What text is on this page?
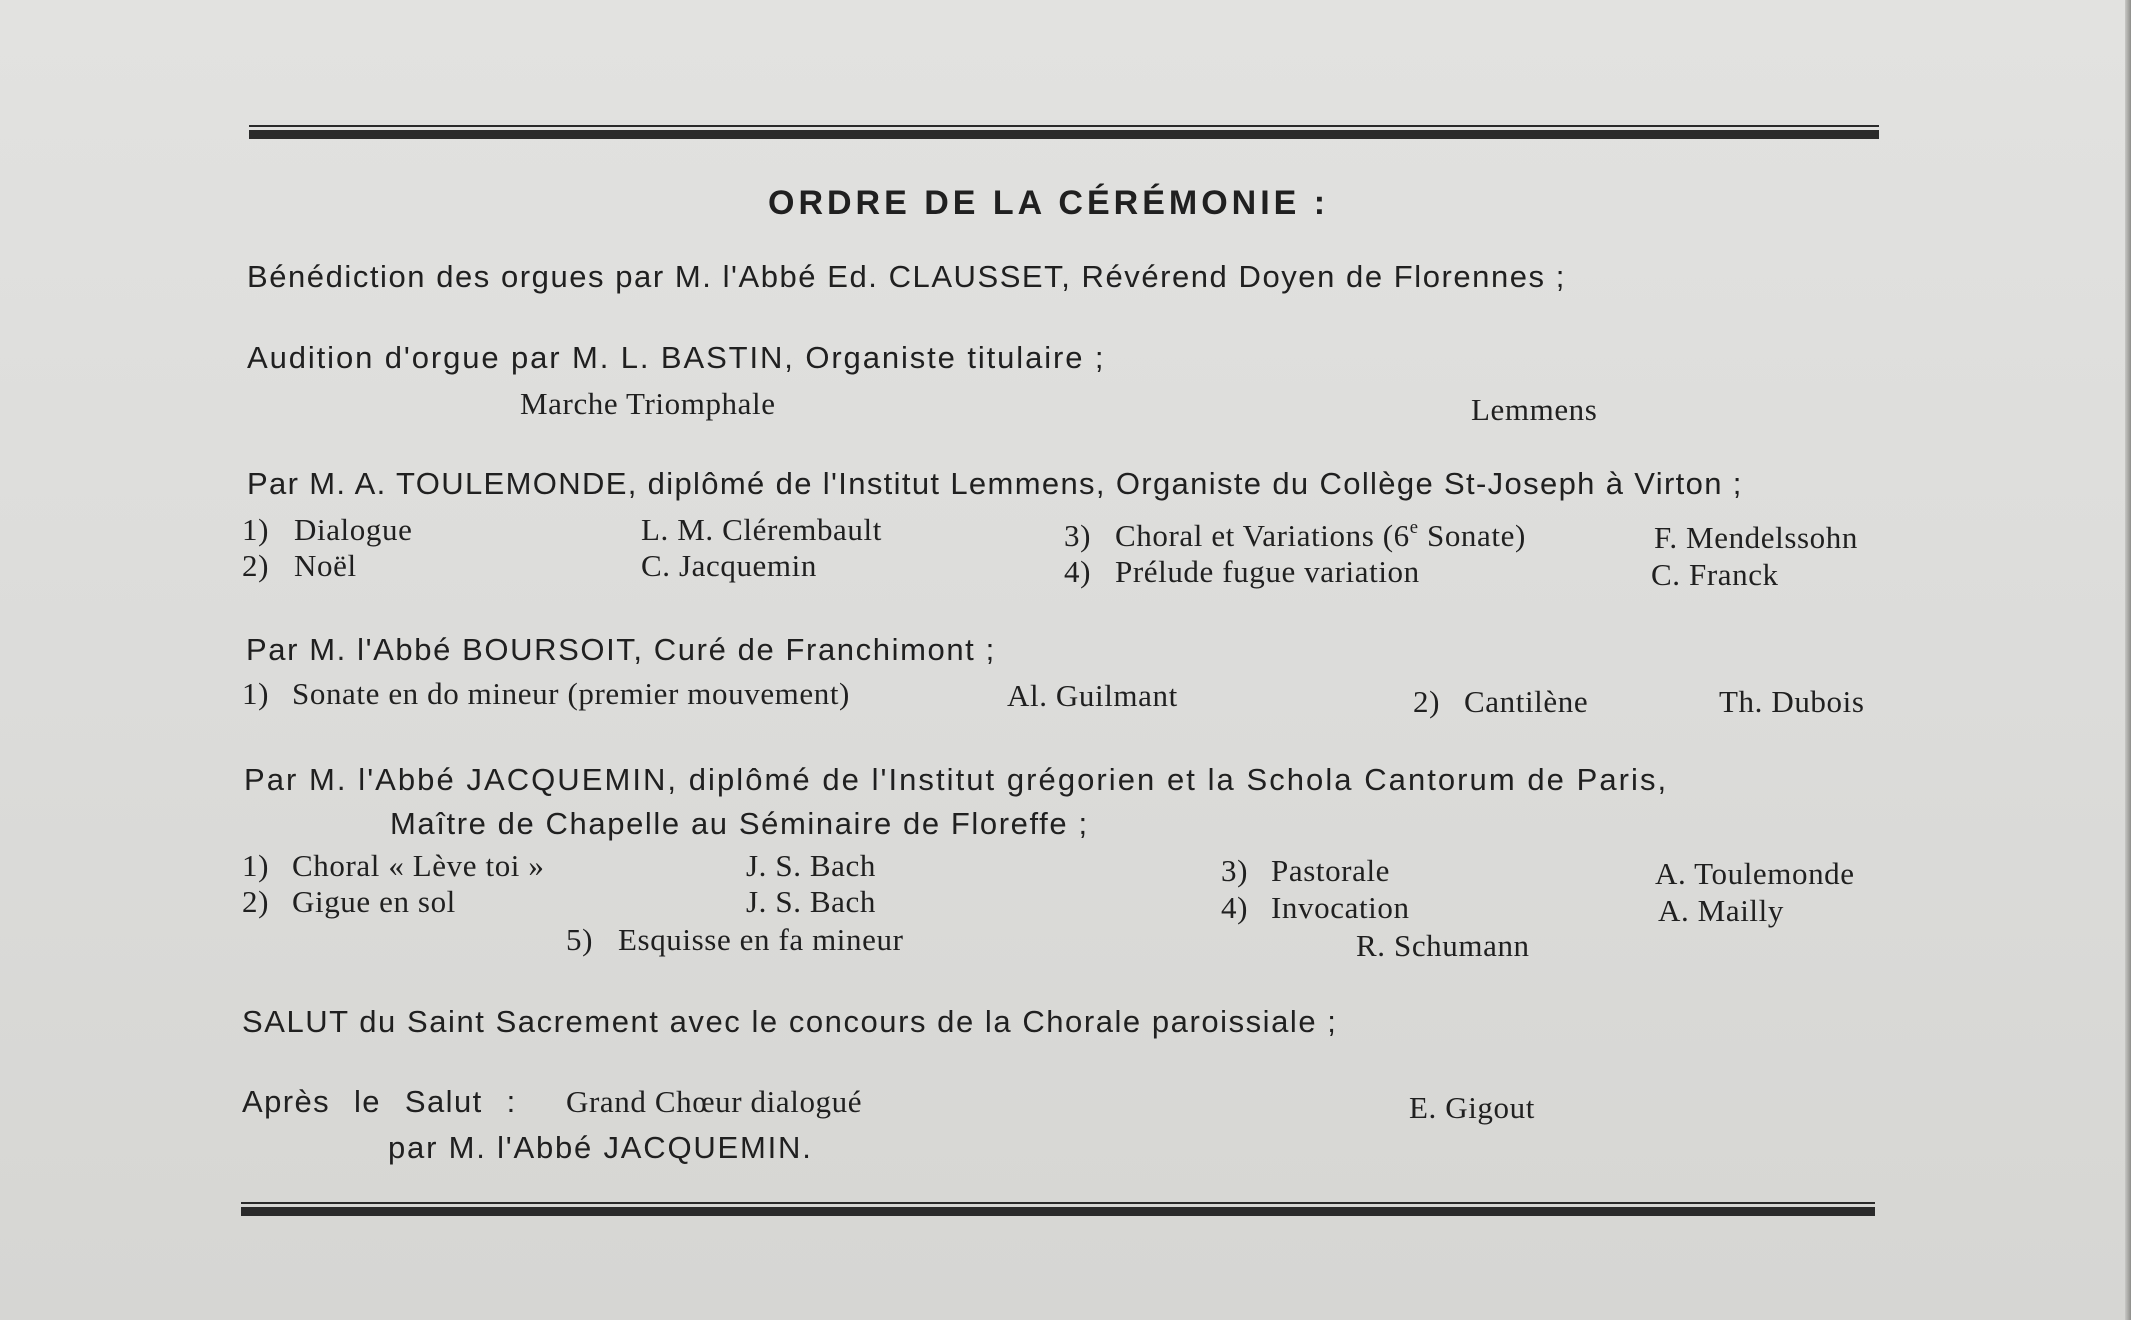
ORDRE DE LA CÉRÉMONIE :
Bénédiction des orgues par M. l'Abbé Ed. CLAUSSET, Révérend Doyen de Florennes ;
Audition d'orgue par M. L. BASTIN, Organiste titulaire ;
Marche Triomphale	Lemmens
Par M. A. TOULEMONDE, diplômé de l'Institut Lemmens, Organiste du Collège St-Joseph à Virton ;
1) Dialogue	L. M. Clérembault
2) Noël	C. Jacquemin
3) Choral et Variations (6e Sonate)	F. Mendelssohn
4) Prélude fugue variation	C. Franck
Par M. l'Abbé BOURSOIT, Curé de Franchimont ;
1) Sonate en do mineur (premier mouvement)	Al. Guilmant	2) Cantilène	Th. Dubois
Par M. l'Abbé JACQUEMIN, diplômé de l'Institut grégorien et la Schola Cantorum de Paris,
Maître de Chapelle au Séminaire de Floreffe ;
1) Choral « Lève toi »	J. S. Bach
2) Gigue en sol	J. S. Bach
3) Pastorale	A. Toulemonde
4) Invocation	A. Mailly
5) Esquisse en fa mineur	R. Schumann
SALUT du Saint Sacrement avec le concours de la Chorale paroissiale ;
Après le Salut : Grand Chœur dialogué	E. Gigout
par M. l'Abbé JACQUEMIN.
